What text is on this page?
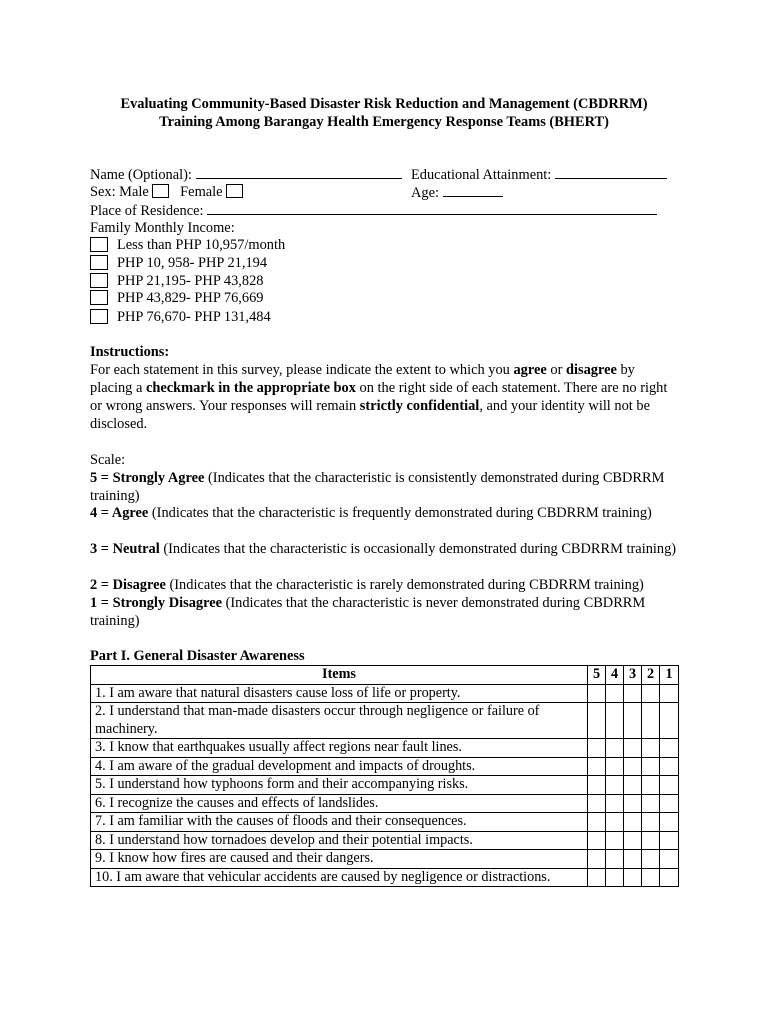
Evaluating Community-Based Disaster Risk Reduction and Management (CBDRRM)
Training Among Barangay Health Emergency Response Teams (BHERT)
Name (Optional):	Educational Attainment:
Sex: Male Female	Age:
Place of Residence:
Family Monthly Income:
Less than PHP 10,957/month
PHP 10, 958- PHP 21,194
PHP 21,195- PHP 43,828
PHP 43,829- PHP 76,669
PHP 76,670- PHP 131,484
Instructions:
For each statement in this survey, please indicate the extent to which you agree or disagree by placing a checkmark in the appropriate box on the right side of each statement. There are no right or wrong answers. Your responses will remain strictly confidential, and your identity will not be disclosed.
Scale:
5 = Strongly Agree (Indicates that the characteristic is consistently demonstrated during CBDRRM training)
4 = Agree (Indicates that the characteristic is frequently demonstrated during CBDRRM training)
3 = Neutral (Indicates that the characteristic is occasionally demonstrated during CBDRRM training)
2 = Disagree (Indicates that the characteristic is rarely demonstrated during CBDRRM training)
1 = Strongly Disagree (Indicates that the characteristic is never demonstrated during CBDRRM training)
Part I. General Disaster Awareness
Items	5	4	3	2	1
1. I am aware that natural disasters cause loss of life or property.					
2. I understand that man-made disasters occur through negligence or failure of machinery.					
3. I know that earthquakes usually affect regions near fault lines.					
4. I am aware of the gradual development and impacts of droughts.					
5. I understand how typhoons form and their accompanying risks.					
6. I recognize the causes and effects of landslides.					
7. I am familiar with the causes of floods and their consequences.					
8. I understand how tornadoes develop and their potential impacts.					
9. I know how fires are caused and their dangers.					
10. I am aware that vehicular accidents are caused by negligence or distractions.					
